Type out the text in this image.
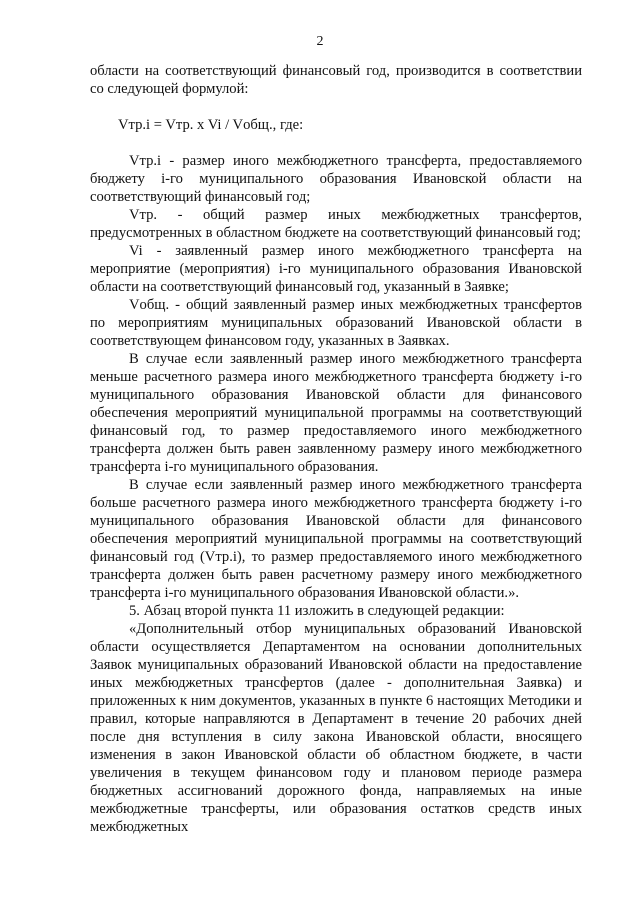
2

области на соответствующий финансовый год, производится в соответствии со следующей формулой:

Vтр.i = Vтр. x Vi / Vобщ., где:

Vтр.i - размер иного межбюджетного трансферта, предоставляемого бюджету i-го муниципального образования Ивановской области на соответствующий финансовый год;

Vтр. - общий размер иных межбюджетных трансфертов, предусмотренных в областном бюджете на соответствующий финансовый год;

Vi - заявленный размер иного межбюджетного трансферта на мероприятие (мероприятия) i-го муниципального образования Ивановской области на соответствующий финансовый год, указанный в Заявке;

Vобщ. - общий заявленный размер иных межбюджетных трансфертов по мероприятиям муниципальных образований Ивановской области в соответствующем финансовом году, указанных в Заявках.

В случае если заявленный размер иного межбюджетного трансферта меньше расчетного размера иного межбюджетного трансферта бюджету i-го муниципального образования Ивановской области для финансового обеспечения мероприятий муниципальной программы на соответствующий финансовый год, то размер предоставляемого иного межбюджетного трансферта должен быть равен заявленному размеру иного межбюджетного трансферта i-го муниципального образования.

В случае если заявленный размер иного межбюджетного трансферта больше расчетного размера иного межбюджетного трансферта бюджету i-го муниципального образования Ивановской области для финансового обеспечения мероприятий муниципальной программы на соответствующий финансовый год (Vтр.i), то размер предоставляемого иного межбюджетного трансферта должен быть равен расчетному размеру иного межбюджетного трансферта i-го муниципального образования Ивановской области.».

5. Абзац второй пункта 11 изложить в следующей редакции:

«Дополнительный отбор муниципальных образований Ивановской области осуществляется Департаментом на основании дополнительных Заявок муниципальных образований Ивановской области на предоставление иных межбюджетных трансфертов (далее - дополнительная Заявка) и приложенных к ним документов, указанных в пункте 6 настоящих Методики и правил, которые направляются в Департамент в течение 20 рабочих дней после дня вступления в силу закона Ивановской области, вносящего изменения в закон Ивановской области об областном бюджете, в части увеличения в текущем финансовом году и плановом периоде размера бюджетных ассигнований дорожного фонда, направляемых на иные межбюджетные трансферты, или образования остатков средств иных межбюджетных
